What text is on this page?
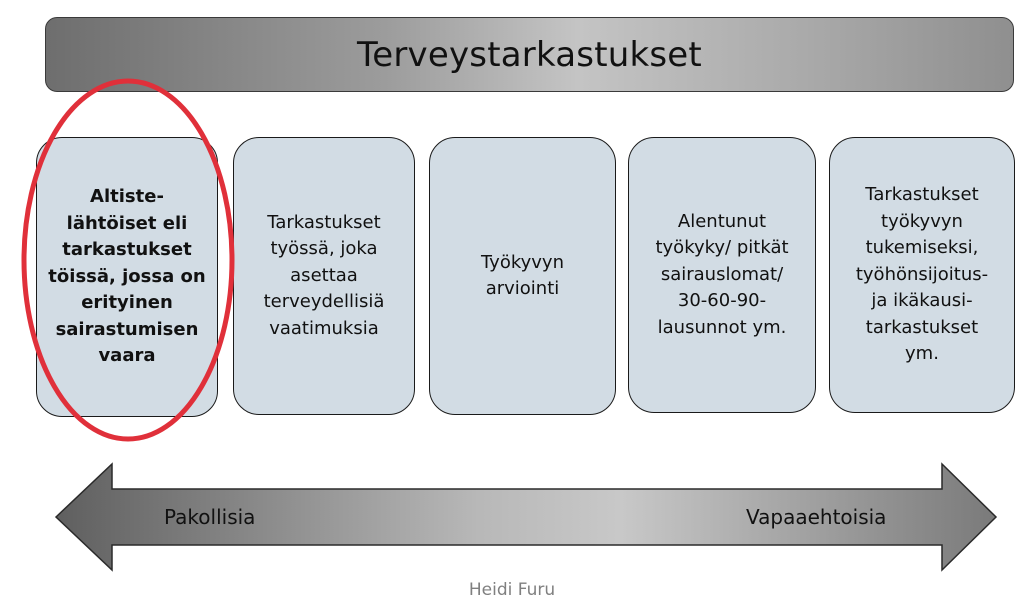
Terveystarkastukset
Altiste-
lähtöiset eli
tarkastukset
töissä, jossa on
erityinen
sairastumisen
vaara
Tarkastukset
työssä, joka
asettaa
terveydellisiä
vaatimuksia
Työkyvyn
arviointi
Alentunut
työkyky/ pitkät
sairauslomat/
30-60-90-
lausunnot ym.
Tarkastukset
työkyvyn
tukemiseksi,
työhönsijoitus-
ja ikäkausi-
tarkastukset
ym.
Pakollisia	Vapaaehtoisia
Heidi Furu
